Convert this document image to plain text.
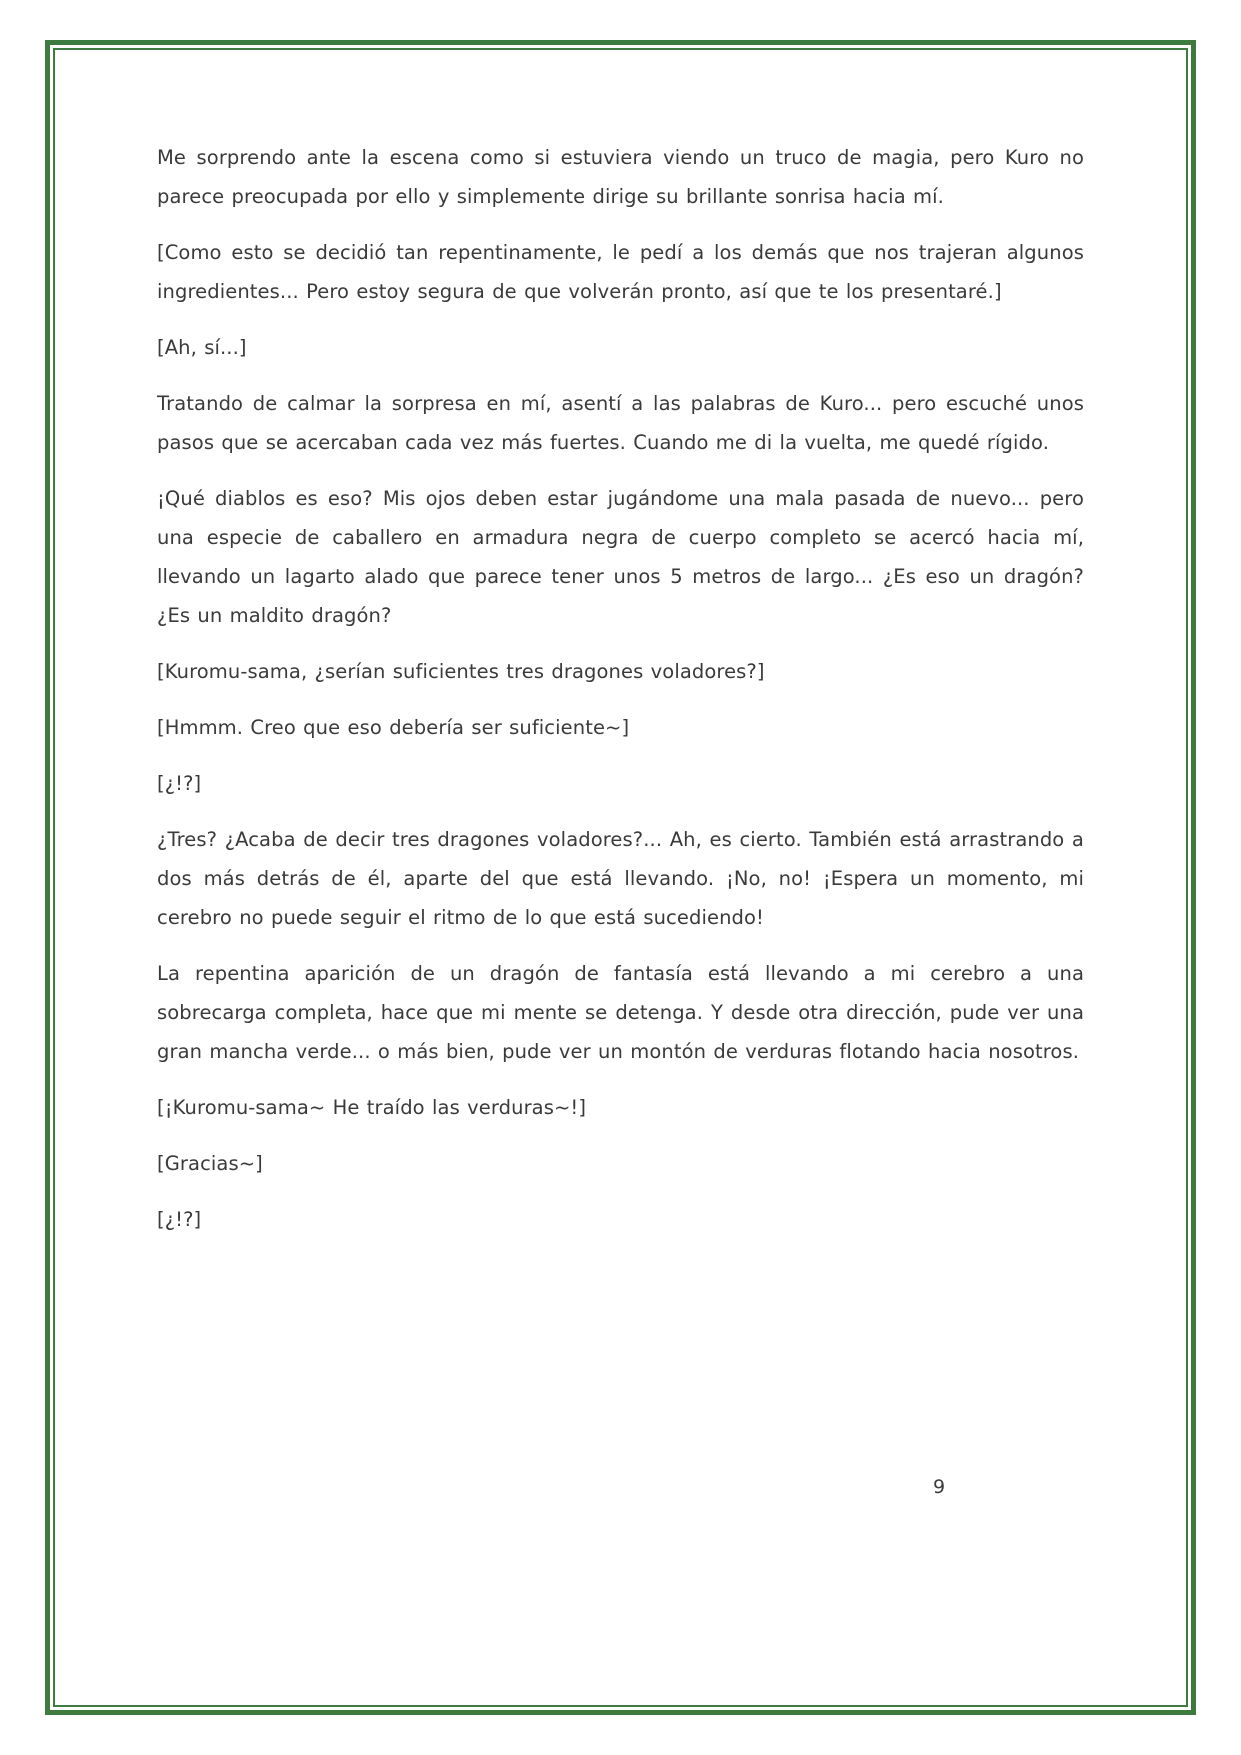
Me sorprendo ante la escena como si estuviera viendo un truco de magia, pero Kuro no parece preocupada por ello y simplemente dirige su brillante sonrisa hacia mí.

[Como esto se decidió tan repentinamente, le pedí a los demás que nos trajeran algunos ingredientes... Pero estoy segura de que volverán pronto, así que te los presentaré.]

[Ah, sí...]

Tratando de calmar la sorpresa en mí, asentí a las palabras de Kuro... pero escuché unos pasos que se acercaban cada vez más fuertes. Cuando me di la vuelta, me quedé rígido.

¡Qué diablos es eso? Mis ojos deben estar jugándome una mala pasada de nuevo... pero una especie de caballero en armadura negra de cuerpo completo se acercó hacia mí, llevando un lagarto alado que parece tener unos 5 metros de largo... ¿Es eso un dragón? ¿Es un maldito dragón?

[Kuromu-sama, ¿serían suficientes tres dragones voladores?]

[Hmmm. Creo que eso debería ser suficiente~]

[¿!?]

¿Tres? ¿Acaba de decir tres dragones voladores?... Ah, es cierto. También está arrastrando a dos más detrás de él, aparte del que está llevando. ¡No, no! ¡Espera un momento, mi cerebro no puede seguir el ritmo de lo que está sucediendo!

La repentina aparición de un dragón de fantasía está llevando a mi cerebro a una sobrecarga completa, hace que mi mente se detenga. Y desde otra dirección, pude ver una gran mancha verde... o más bien, pude ver un montón de verduras flotando hacia nosotros.

[¡Kuromu-sama~ He traído las verduras~!]

[Gracias~]

[¿!?]

9
